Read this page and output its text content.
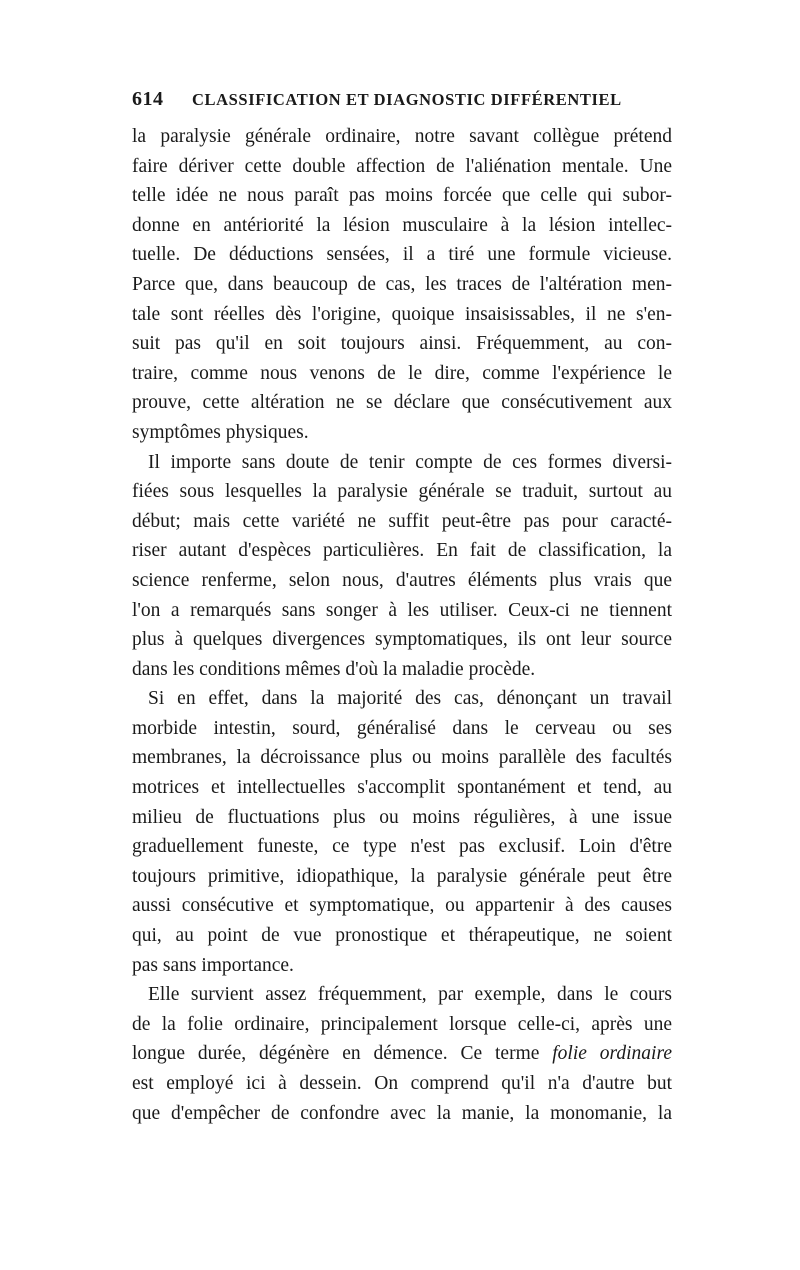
614	CLASSIFICATION ET DIAGNOSTIC DIFFÉRENTIEL
la paralysie générale ordinaire, notre savant collègue prétend
faire dériver cette double affection de l'aliénation mentale. Une
telle idée ne nous paraît pas moins forcée que celle qui subor-
donne en antériorité la lésion musculaire à la lésion intellec-
tuelle. De déductions sensées, il a tiré une formule vicieuse.
Parce que, dans beaucoup de cas, les traces de l'altération men-
tale sont réelles dès l'origine, quoique insaisissables, il ne s'en-
suit pas qu'il en soit toujours ainsi. Fréquemment, au con-
traire, comme nous venons de le dire, comme l'expérience le
prouve, cette altération ne se déclare que consécutivement aux
symptômes physiques.
Il importe sans doute de tenir compte de ces formes diversi-
fiées sous lesquelles la paralysie générale se traduit, surtout au
début; mais cette variété ne suffit peut-être pas pour caracté-
riser autant d'espèces particulières. En fait de classification, la
science renferme, selon nous, d'autres éléments plus vrais que
l'on a remarqués sans songer à les utiliser. Ceux-ci ne tiennent
plus à quelques divergences symptomatiques, ils ont leur source
dans les conditions mêmes d'où la maladie procède.
Si en effet, dans la majorité des cas, dénonçant un travail
morbide intestin, sourd, généralisé dans le cerveau ou ses
membranes, la décroissance plus ou moins parallèle des facultés
motrices et intellectuelles s'accomplit spontanément et tend, au
milieu de fluctuations plus ou moins régulières, à une issue
graduellement funeste, ce type n'est pas exclusif. Loin d'être
toujours primitive, idiopathique, la paralysie générale peut être
aussi consécutive et symptomatique, ou appartenir à des causes
qui, au point de vue pronostique et thérapeutique, ne soient
pas sans importance.
Elle survient assez fréquemment, par exemple, dans le cours
de la folie ordinaire, principalement lorsque celle-ci, après une
longue durée, dégénère en démence. Ce terme folie ordinaire
est employé ici à dessein. On comprend qu'il n'a d'autre but
que d'empêcher de confondre avec la manie, la monomanie, la
